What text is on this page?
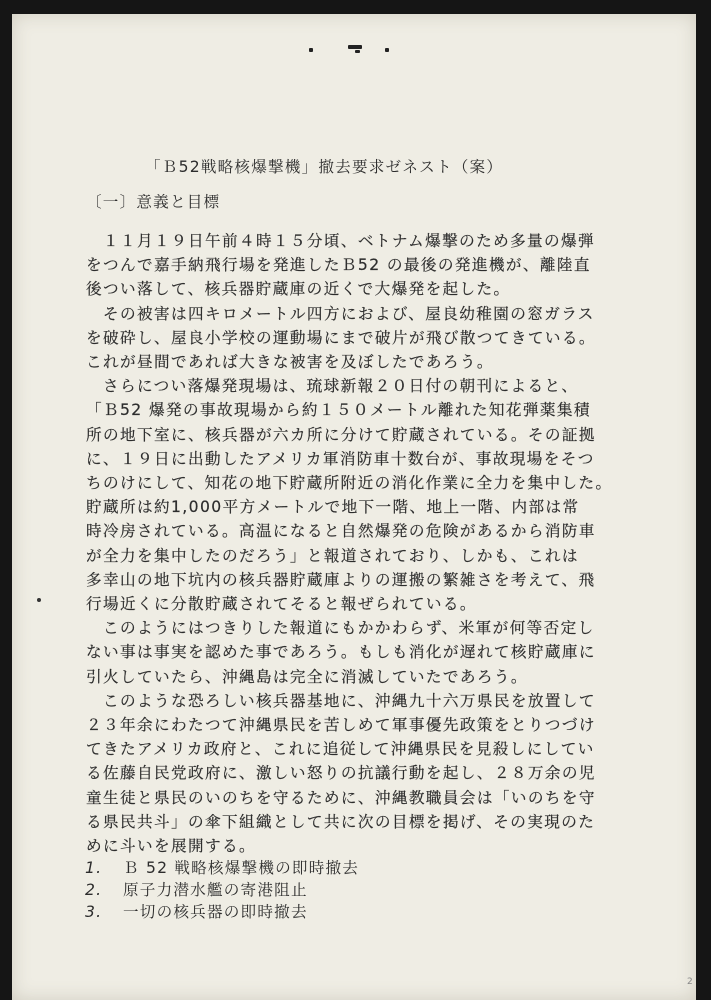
「Ｂ52戦略核爆撃機」撤去要求ゼネスト（案）
〔一〕意義と目標
　１１月１９日午前４時１５分頃、ベトナム爆撃のため多量の爆弾
をつんで嘉手納飛行場を発進したＢ52 の最後の発進機が、離陸直
後つい落して、核兵器貯蔵庫の近くで大爆発を起した。
　その被害は四キロメートル四方におよび、屋良幼稚園の窓ガラス
を破砕し、屋良小学校の運動場にまで破片が飛び散つてきている。
これが昼間であれば大きな被害を及ぼしたであろう。
　さらについ落爆発現場は、琉球新報２０日付の朝刊によると、
「Ｂ52 爆発の事故現場から約１５０メートル離れた知花弾薬集積
所の地下室に、核兵器が六カ所に分けて貯蔵されている。その証拠
に、１９日に出動したアメリカ軍消防車十数台が、事故現場をそつ
ちのけにして、知花の地下貯蔵所附近の消化作業に全力を集中した。
貯蔵所は約1,000平方メートルで地下一階、地上一階、内部は常
時冷房されている。高温になると自然爆発の危険があるから消防車
が全力を集中したのだろう」と報道されており、しかも、これは
多幸山の地下坑内の核兵器貯蔵庫よりの運搬の繁雑さを考えて、飛
行場近くに分散貯蔵されてそると報ぜられている。
　このようにはつきりした報道にもかかわらず、米軍が何等否定し
ない事は事実を認めた事であろう。もしも消化が遅れて核貯蔵庫に
引火していたら、沖縄島は完全に消滅していたであろう。
　このような恐ろしい核兵器基地に、沖縄九十六万県民を放置して
２３年余にわたつて沖縄県民を苦しめて軍事優先政策をとりつづけ
てきたアメリカ政府と、これに追従して沖縄県民を見殺しにしてい
る佐藤自民党政府に、激しい怒りの抗議行動を起し、２８万余の児
童生徒と県民のいのちを守るために、沖縄教職員会は「いのちを守
る県民共斗」の傘下組織として共に次の目標を掲げ、その実現のた
めに斗いを展開する。
1. Ｂ 52 戦略核爆撃機の即時撤去
2. 原子力潜水艦の寄港阻止
3. 一切の核兵器の即時撤去
2
